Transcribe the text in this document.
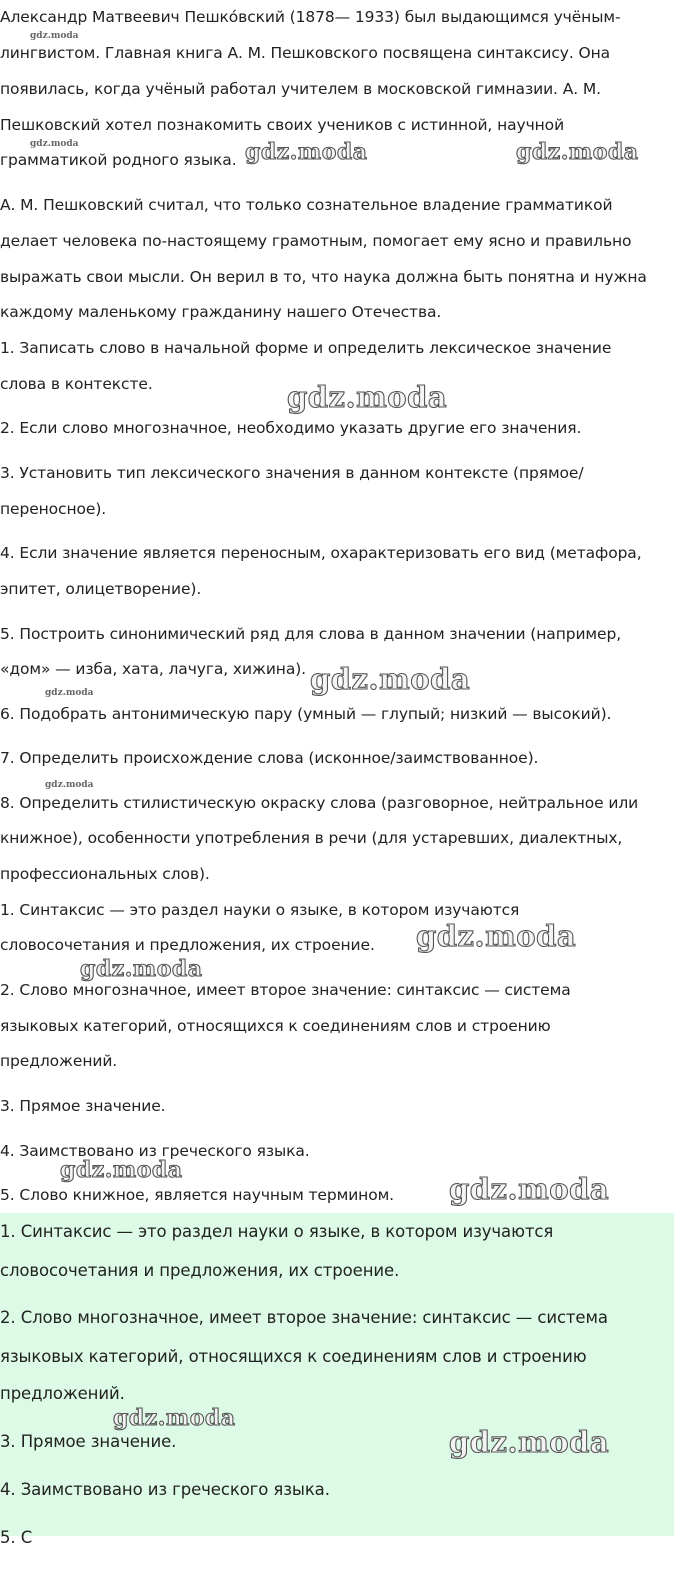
Александр Матвеевич Пешко́вский (1878— 1933) был выдающимся учёным-

лингвистом. Главная книга А. М. Пешковского посвящена синтаксису. Она

появилась, когда учёный работал учителем в московской гимназии. А. М.

Пешковский хотел познакомить своих учеников с истинной, научной

грамматикой родного языка.

А. М. Пешковский считал, что только сознательное владение грамматикой

делает человека по-настоящему грамотным, помогает ему ясно и правильно

выражать свои мысли. Он верил в то, что наука должна быть понятна и нужна

каждому маленькому гражданину нашего Отечества.

1. Записать слово в начальной форме и определить лексическое значение

слова в контексте.

2. Если слово многозначное, необходимо указать другие его значения.

3. Установить тип лексического значения в данном контексте (прямое/

переносное).

4. Если значение является переносным, охарактеризовать его вид (метафора,

эпитет, олицетворение).

5. Построить синонимический ряд для слова в данном значении (например,

«дом» — изба, хата, лачуга, хижина).

6. Подобрать антонимическую пару (умный — глупый; низкий — высокий).

7. Определить происхождение слова (исконное/заимствованное).

8. Определить стилистическую окраску слова (разговорное, нейтральное или

книжное), особенности употребления в речи (для устаревших, диалектных,

профессиональных слов).

1. Синтаксис — это раздел науки о языке, в котором изучаются

словосочетания и предложения, их строение.

2. Слово многозначное, имеет второе значение: синтаксис — система

языковых категорий, относящихся к соединениям слов и строению

предложений.

3. Прямое значение.

4. Заимствовано из греческого языка.

5. Слово книжное, является научным термином.

1. Синтаксис — это раздел науки о языке, в котором изучаются

словосочетания и предложения, их строение.

2. Слово многозначное, имеет второе значение: синтаксис — система

языковых категорий, относящихся к соединениям слов и строению

предложений.

3. Прямое значение.

4. Заимствовано из греческого языка.

5. С

gdz.moda
gdz.moda	gdz.moda	gdz.moda
gdz.moda
gdz.moda
gdz.moda
gdz.moda
gdz.moda
gdz.moda
gdz.moda
gdz.moda
gdz.moda
gdz.moda
